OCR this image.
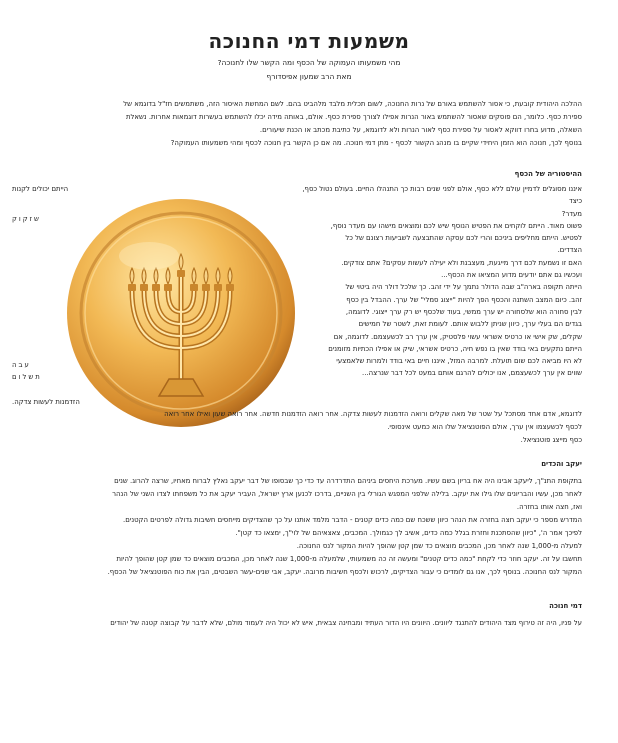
משמעות דמי החנוכה
מהי משמעותו העמוקה של הכסף ומה הקשר שלו לחנוכה?
מאת הרב שמעון אפיסדורף

ההלכה היהודית קובעת, כי אסור להשתמש באורם של נרות החנוכה, לשום תכלית מלבד מלהביט בהם. לשם המחשת האיסור הזה, משתמשים חז"ל בדוגמא של

ספירת כסף. כלומר, הם פוסקים שאסור להשתמש באור הנרות אפילו לצורך ספירת כסף. אולם, באותה מידה יכלו להשתמש בעשרות דוגמאות אחרות. נשאלת

השאלה, מדוע בחרו דווקא לאסור על ספירת כסף לאור הנרות ולא לדוגמא, על כתיבת מכתב או הכנת שיעורים.

בנוסף לכך, חנוכה הוא הזמן היחידי שקיים בו מנהג הקשור לכסף - מתן דמי חנוכה. מה אם כן הקשר בין חנוכה לכסף ומהי משמעותו העמוקה?

ההיסטוריה של הכסף

איננו מסוגלים לדמיין עולם ללא כסף, אולם לפני שנים רבות כך התנהלו החיים. בעולם נטול כסף, כיצד

מעדר?

פשוט מאוד. הייתם לוקחים את הפטיש הנוסף שיש לכם ומוצאים מישהו עם מעדר נוסף,

לפטיש. הייתם מחליפים ביניכם והרי לכם עסקה שהתבצעה לשביעות רצונם של כל

הצדדים.

האם זו נשמעת לכם דרך מייגעת, מעצבנת ולא יעילה לעשות עסקים? אתם צודקים.

ועכשיו גם אתם יודעים מדוע המציאו את הכסף...

הייתה תקופה בארה"ב שבה הדולר נתמך על ידי זהב. כך שלכל דולר היה ביטוי של

זהב. כיום המצב השתנה והכסף הפך להיות "ייצוג סמלי" של ערך. ההבדל בין כסף

לבין סחורה הוא שלסחורה יש ערך ממשי, בעוד שלכסף יש רק ערך ייצוגי. לדוגמה,

בגדים הם בעלי ערך, כיוון שניתן ללבוש אותם. לעומת זאת, לשטר של חמישים

שקלים, שק אישי או כרטיס אשראי עשוי פלסטיק, אין ערך רב לכשעצמם. לדוגמה, אם

הייתם נתקעים באי בודד שאין בו נפש חיה, כרטיס אשראי, שיק או אפילו הכתיות מזומנים

לא היו מביאה לכם שום תועלת. למרבה המזל, איננו חיים באי בודד ולמרות שלאמצעי

שווים אין ערך לכשעצמם, אנו יכולים להרגם אותם במעט לכל דבר שנרצה...

הייתם יכולים לקנות
שזקוק
עבה
תשלום
הזדמנות לעשות צדקה.

לדוגמא, אדם אחד מסתכל על שטר של מאה שקלים ורואה הזדמנות לעשות צדקה. אחר רואה הזדמנות חדשה. אחר רואה שעון ואילו אחר רואה

לכסף לכשעצמו אין ערך, אולם הפוטנציאל שלו הוא כמעט אינסופי.

כסף מייצג פוטנציאל.

יעקב והכדים

בתקופת התנ"ך, ליעקב אבינו היה אח בריון בשם עשיו. מערכת היחסים ביניהם התדרדרה עד כדי כך שבסופו של דבר יעקב נאלץ לברוח מאחיו, שרצה להרוג. שנים

לאחר מכן, עשיו והבריונים שלו גילו את יעקב. בלילה שלפני המפגש הגורלי בין השניים, בדרכו לכנען ארץ ישראל, העביר יעקב את כל משפחתו לצדו השני של הנהר

ואז, חצה אותו בחזרה.

המדרש מספר כי יעקב חצה בחזרה את הנהר כיוון ששכח שם כמה כדים קטנים - הדבר מלמד אותנו על כך שהצדיקים מייחסים חשיבות גדולה לפרטים הקטנים.

לפיכך אמר ה', "כיוון שהסתכנת וחזרת בגלל כמה כדים, אשיב לך כגמולך. המכבים, צאצאיהם של לוי"ך, ימצאו כד קטן".

למעלה מ-1,000 שנה לאחר מכן, המכבים מוצאים כד שמן קטן שהופך להיות המקור לנס החנוכה.

תחשבו על זה. יעקב חוזר כדי לקחת "כמה כדים קטנים" ומעשה זה כה משמעותי, שלמעלה מ-1,000 שנה לאחר מכן, המכבים מוצאים כד שמן קטן שהופך להיות

המקור לנס החנוכה. בנוסף לכך, אנו גם לומדים כי עבור הצדיקים, לרכוש ולכסף חשיבות מרובה. יעקב, אבי שנים-עשר השבטים, הבין את כוח הפוטנציאל של הכסף.

דמי חנוכה

על פניו, היה זה טירוף מצד היהודים להתנגד ליוונים. היוונים היו הדור העתיד ומבחינה צבאית, איש לא יכול היה לעמוד מולם, שלא לדבר על קבוצה קטנה של יהודים
